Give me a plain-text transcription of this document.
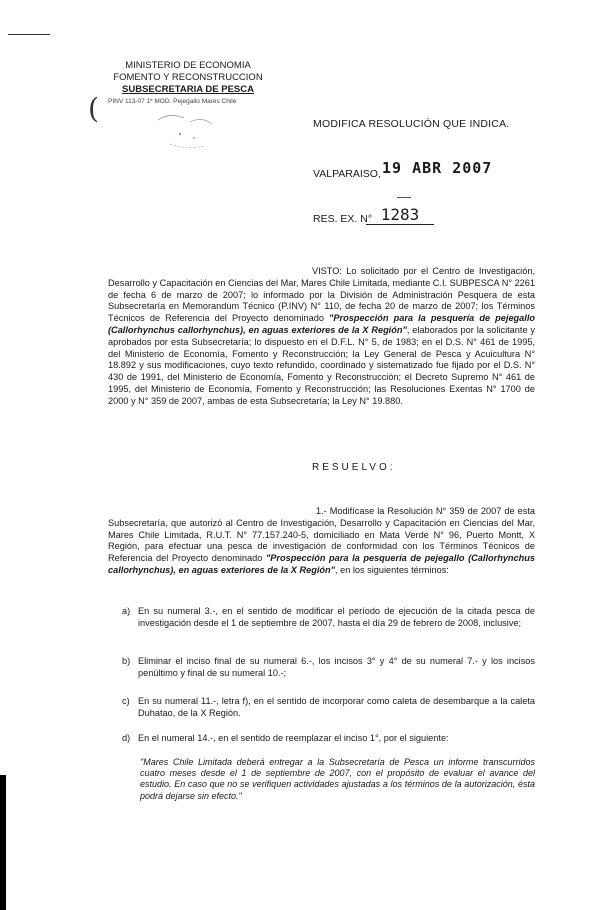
(
MINISTERIO DE ECONOMIA
FOMENTO Y RECONSTRUCCION
SUBSECRETARIA DE PESCA
PINV 113-07 1ª MOD. Pejegallo Mares Chile
MODIFICA RESOLUCIÓN QUE INDICA.
VALPARAISO, 19 ABR 2007
RES. EX. N° 1283
VISTO: Lo solicitado por el Centro de Investigación, Desarrollo y Capacitación en Ciencias del Mar, Mares Chile Limitada, mediante C.I. SUBPESCA N° 2261 de fecha 6 de marzo de 2007; lo informado por la División de Administración Pesquera de esta Subsecretaría en Memorandum Técnico (P.INV) N° 110, de fecha 20 de marzo de 2007; los Términos Técnicos de Referencia del Proyecto denominado "Prospección para la pesquería de pejegallo (Callorhynchus callorhynchus), en aguas exteriores de la X Región", elaborados por la solicitante y aprobados por esta Subsecretaría; lo dispuesto en el D.F.L. N° 5, de 1983; en el D.S. N° 461 de 1995, del Ministerio de Economía, Fomento y Reconstrucción; la Ley General de Pesca y Acuicultura N° 18.892 y sus modificaciones, cuyo texto refundido, coordinado y sistematizado fue fijado por el D.S. N° 430 de 1991, del Ministerio de Economía, Fomento y Reconstrucción; el Decreto Supremo N° 461 de 1995, del Ministerio de Economía, Fomento y Reconstrucción; las Resoluciones Exentas N° 1700 de 2000 y N° 359 de 2007, ambas de esta Subsecretaría; la Ley N° 19.880.
RESUELVO:
1.- Modifícase la Resolución N° 359 de 2007 de esta Subsecretaría, que autorizó al Centro de Investigación, Desarrollo y Capacitación en Ciencias del Mar, Mares Chile Limitada, R.U.T. N° 77.157.240-5, domiciliado en Mata Verde N° 96, Puerto Montt, X Región, para efectuar una pesca de investigación de conformidad con los Términos Técnicos de Referencia del Proyecto denominado "Prospección para la pesquería de pejegallo (Callorhynchus callorhynchus), en aguas exteriores de la X Región", en los siguientes términos:
a) En su numeral 3.-, en el sentido de modificar el período de ejecución de la citada pesca de investigación desde el 1 de septiembre de 2007, hasta el día 29 de febrero de 2008, inclusive;
b) Eliminar el inciso final de su numeral 6.-, los incisos 3° y 4° de su numeral 7.- y los incisos penúltimo y final de su numeral 10.-;
c) En su numeral 11.-, letra f), en el sentido de incorporar como caleta de desembarque a la caleta Duhatao, de la X Región.
d) En el numeral 14.-, en el sentido de reemplazar el inciso 1°, por el siguiente:
"Mares Chile Limitada deberá entregar a la Subsecretaría de Pesca un informe transcurridos cuatro meses desde el 1 de septiembre de 2007, con el propósito de evaluar el avance del estudio. En caso que no se verifiquen actividades ajustadas a los términos de la autorización, ésta podrá dejarse sin efecto."
